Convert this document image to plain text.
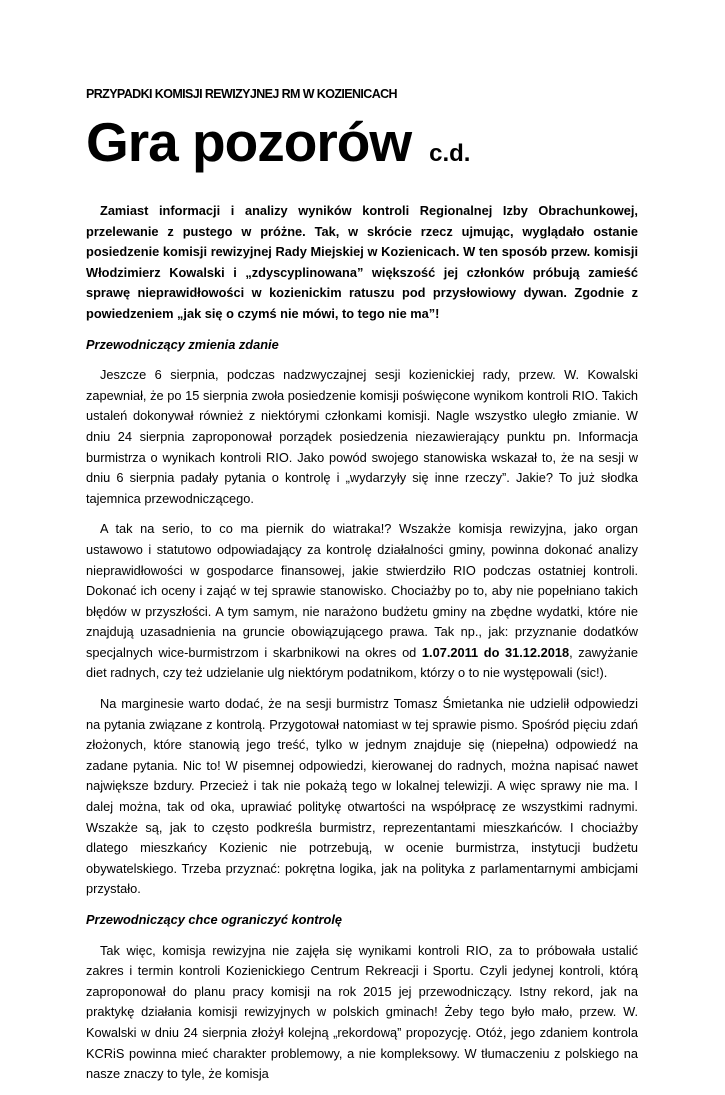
PRZYPADKI KOMISJI REWIZYJNEJ RM W KOZIENICACH
Gra pozorów c.d.

Zamiast informacji i analizy wyników kontroli Regionalnej Izby Obrachunkowej, przelewanie z pustego w próżne. Tak, w skrócie rzecz ujmując, wyglądało ostanie posiedzenie komisji rewizyjnej Rady Miejskiej w Kozienicach. W ten sposób przew. komisji Włodzimierz Kowalski i „zdyscyplinowana” większość jej członków próbują zamieść sprawę nieprawidłowości w kozienickim ratuszu pod przysłowiowy dywan. Zgodnie z powiedzeniem „jak się o czymś nie mówi, to tego nie ma”!

Przewodniczący zmienia zdanie

Jeszcze 6 sierpnia, podczas nadzwyczajnej sesji kozienickiej rady, przew. W. Kowalski zapewniał, że po 15 sierpnia zwoła posiedzenie komisji poświęcone wynikom kontroli RIO. Takich ustaleń dokonywał również z niektórymi członkami komisji. Nagle wszystko uległo zmianie. W dniu 24 sierpnia zaproponował porządek posiedzenia niezawierający punktu pn. Informacja burmistrza o wynikach kontroli RIO. Jako powód swojego stanowiska wskazał to, że na sesji w dniu 6 sierpnia padały pytania o kontrolę i „wydarzyły się inne rzeczy”. Jakie? To już słodka tajemnica przewodniczącego.

A tak na serio, to co ma piernik do wiatraka!? Wszakże komisja rewizyjna, jako organ ustawowo i statutowo odpowiadający za kontrolę działalności gminy, powinna dokonać analizy nieprawidłowości w gospodarce finansowej, jakie stwierdziło RIO podczas ostatniej kontroli. Dokonać ich oceny i zająć w tej sprawie stanowisko. Chociażby po to, aby nie popełniano takich błędów w przyszłości. A tym samym, nie narażono budżetu gminy na zbędne wydatki, które nie znajdują uzasadnienia na gruncie obowiązującego prawa. Tak np., jak: przyznanie dodatków specjalnych wice-burmistrzom i skarbnikowi na okres od 1.07.2011 do 31.12.2018, zawyżanie diet radnych, czy też udzielanie ulg niektórym podatnikom, którzy o to nie występowali (sic!).

Na marginesie warto dodać, że na sesji burmistrz Tomasz Śmietanka nie udzielił odpowiedzi na pytania związane z kontrolą. Przygotował natomiast w tej sprawie pismo. Spośród pięciu zdań złożonych, które stanowią jego treść, tylko w jednym znajduje się (niepełna) odpowiedź na zadane pytania. Nic to! W pisemnej odpowiedzi, kierowanej do radnych, można napisać nawet największe bzdury. Przecież i tak nie pokażą tego w lokalnej telewizji. A więc sprawy nie ma. I dalej można, tak od oka, uprawiać politykę otwartości na współpracę ze wszystkimi radnymi. Wszakże są, jak to często podkreśla burmistrz, reprezentantami mieszkańców. I chociażby dlatego mieszkańcy Kozienic nie potrzebują, w ocenie burmistrza, instytucji budżetu obywatelskiego. Trzeba przyznać: pokrętna logika, jak na polityka z parlamentarnymi ambicjami przystało.

Przewodniczący chce ograniczyć kontrolę

Tak więc, komisja rewizyjna nie zajęła się wynikami kontroli RIO, za to próbowała ustalić zakres i termin kontroli Kozienickiego Centrum Rekreacji i Sportu. Czyli jedynej kontroli, którą zaproponował do planu pracy komisji na rok 2015 jej przewodniczący. Istny rekord, jak na praktykę działania komisji rewizyjnych w polskich gminach! Żeby tego było mało, przew. W. Kowalski w dniu 24 sierpnia złożył kolejną „rekordową” propozycję. Otóż, jego zdaniem kontrola KCRiS powinna mieć charakter problemowy, a nie kompleksowy. W tłumaczeniu z polskiego na nasze znaczy to tyle, że komisja
